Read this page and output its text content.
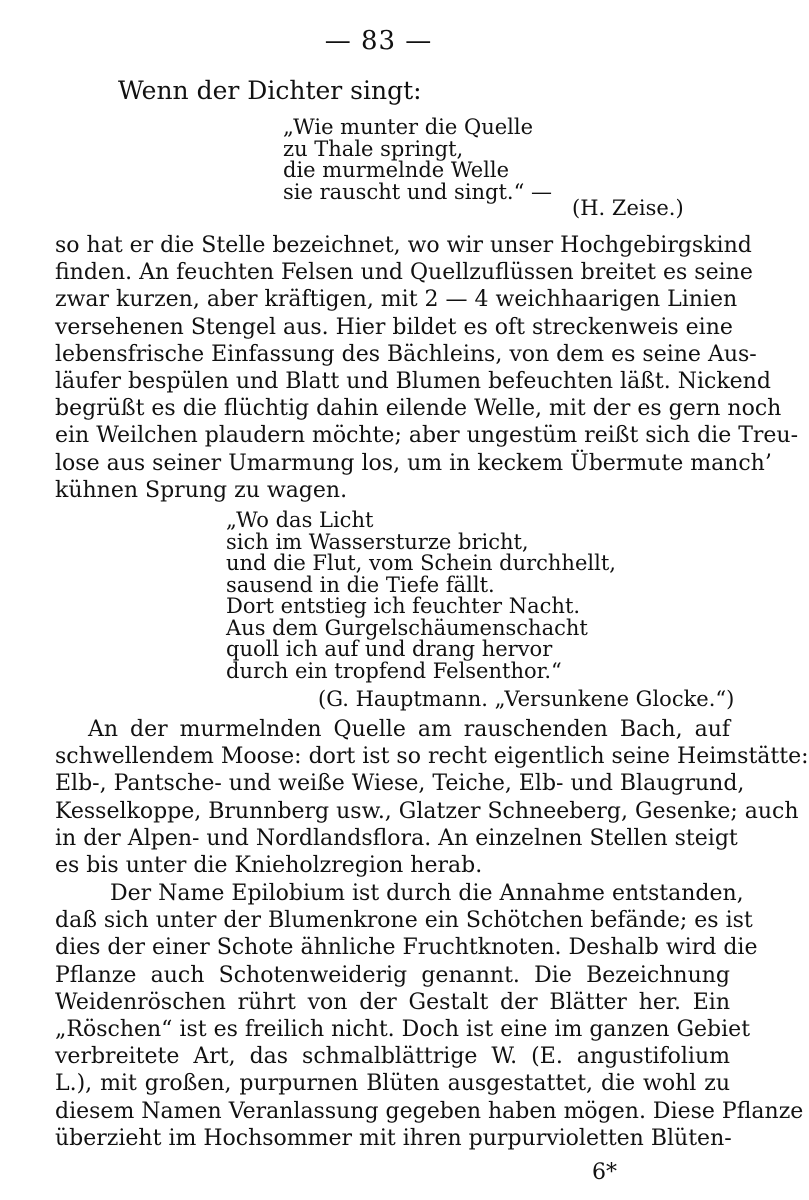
— 83 —
Wenn der Dichter singt:
„Wie munter die Quelle
zu Thale springt,
die murmelnde Welle
sie rauscht und singt.“ —
(H. Zeise.)

so hat er die Stelle bezeichnet, wo wir unser Hochgebirgskind
finden. An feuchten Felsen und Quellzuflüssen breitet es seine
zwar kurzen, aber kräftigen, mit 2 — 4 weichhaarigen Linien
versehenen Stengel aus. Hier bildet es oft streckenweis eine
lebensfrische Einfassung des Bächleins, von dem es seine Aus-
läufer bespülen und Blatt und Blumen befeuchten läßt. Nickend
begrüßt es die flüchtig dahin eilende Welle, mit der es gern noch
ein Weilchen plaudern möchte; aber ungestüm reißt sich die Treu-
lose aus seiner Umarmung los, um in keckem Übermute manch’
kühnen Sprung zu wagen.

„Wo das Licht
sich im Wassersturze bricht,
und die Flut, vom Schein durchhellt,
sausend in die Tiefe fällt.
Dort entstieg ich feuchter Nacht.
Aus dem Gurgelschäumenschacht
quoll ich auf und drang hervor
durch ein tropfend Felsenthor.“
(G. Hauptmann. „Versunkene Glocke.“)

An der murmelnden Quelle am rauschenden Bach, auf
schwellendem Moose: dort ist so recht eigentlich seine Heimstätte:
Elb-, Pantsche- und weiße Wiese, Teiche, Elb- und Blaugrund,
Kesselkoppe, Brunnberg usw., Glatzer Schneeberg, Gesenke; auch
in der Alpen- und Nordlandsflora. An einzelnen Stellen steigt
es bis unter die Knieholzregion herab.

Der Name Epilobium ist durch die Annahme entstanden,
daß sich unter der Blumenkrone ein Schötchen befände; es ist
dies der einer Schote ähnliche Fruchtknoten. Deshalb wird die
Pflanze auch Schotenweiderig genannt. Die Bezeichnung
Weidenröschen rührt von der Gestalt der Blätter her. Ein
„Röschen“ ist es freilich nicht. Doch ist eine im ganzen Gebiet
verbreitete Art, das schmalblättrige W. (E. angustifolium
L.), mit großen, purpurnen Blüten ausgestattet, die wohl zu
diesem Namen Veranlassung gegeben haben mögen. Diese Pflanze
überzieht im Hochsommer mit ihren purpurvioletten Blüten-

6*
